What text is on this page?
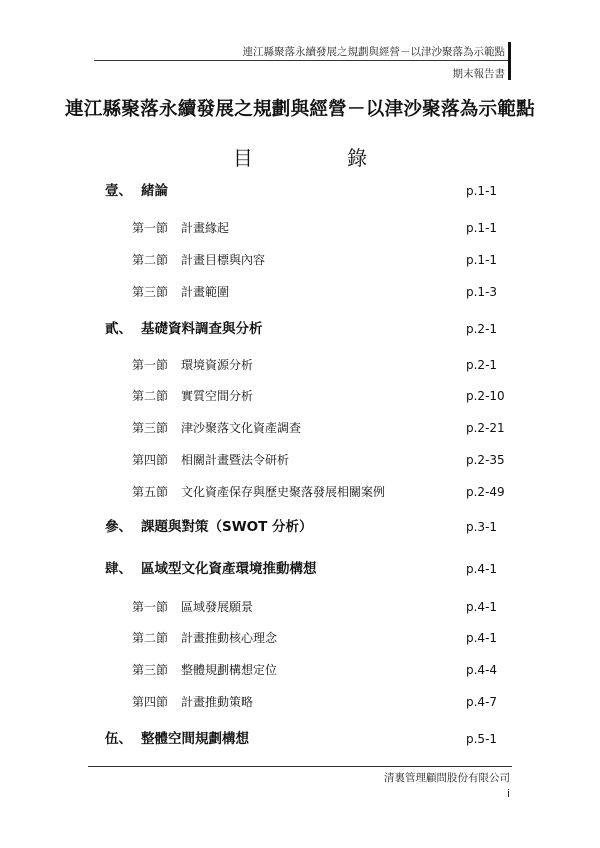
連江縣聚落永續發展之規劃與經營－以津沙聚落為示範點
期末報告書
連江縣聚落永續發展之規劃與經營－以津沙聚落為示範點
目 錄
壹、 緒論	p.1-1
第一節 計畫緣起	p.1-1
第二節 計畫目標與內容	p.1-1
第三節 計畫範圍	p.1-3
貳、 基礎資料調查與分析	p.2-1
第一節 環境資源分析	p.2-1
第二節 實質空間分析	p.2-10
第三節 津沙聚落文化資產調查	p.2-21
第四節 相關計畫暨法令研析	p.2-35
第五節 文化資產保存與歷史聚落發展相關案例	p.2-49
參、 課題與對策（SWOT 分析）	p.3-1
肆、 區域型文化資產環境推動構想	p.4-1
第一節 區域發展願景	p.4-1
第二節 計畫推動核心理念	p.4-1
第三節 整體規劃構想定位	p.4-4
第四節 計畫推動策略	p.4-7
伍、 整體空間規劃構想	p.5-1
清裏管理顧問股份有限公司
i
